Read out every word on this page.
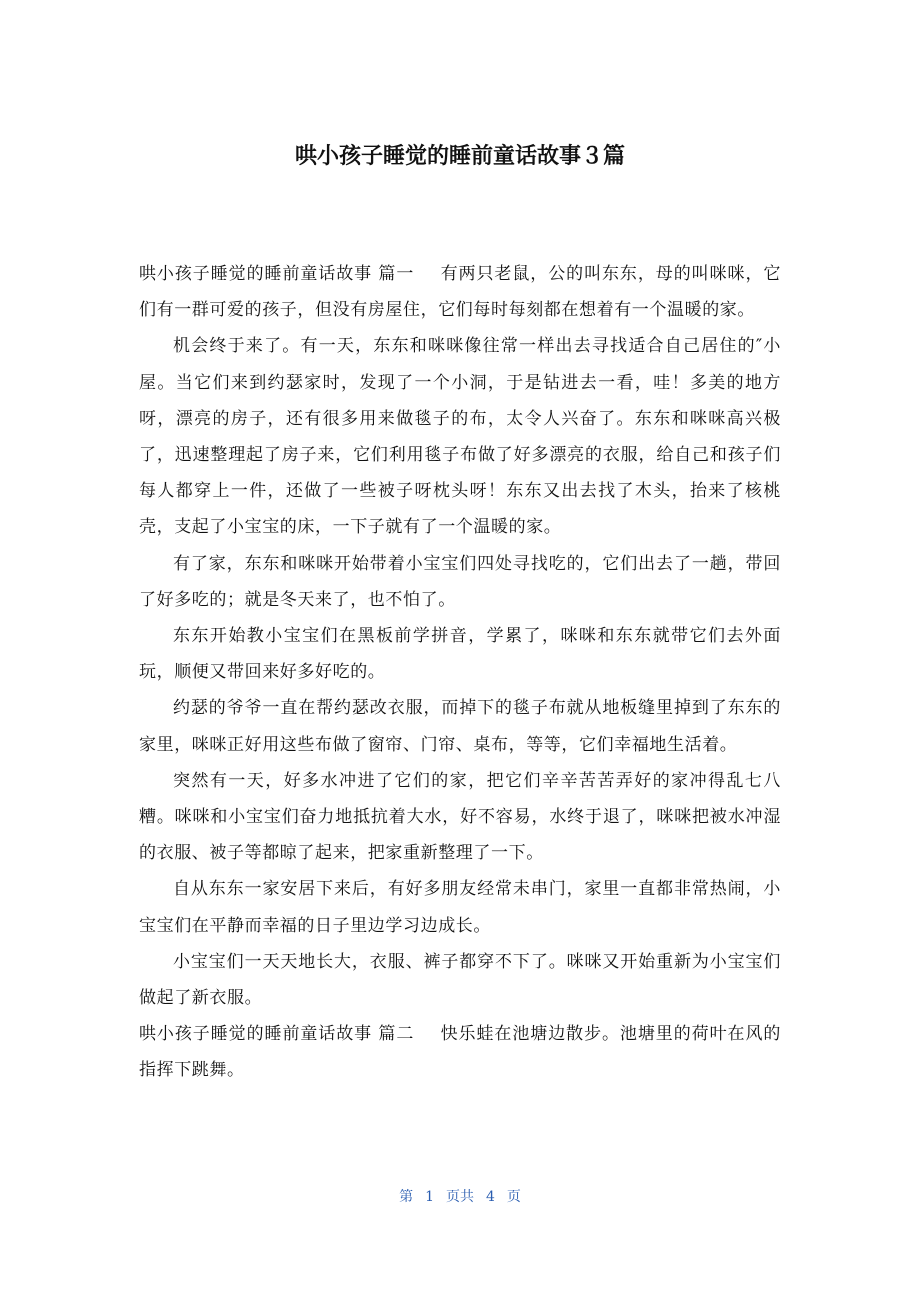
哄小孩子睡觉的睡前童话故事３篇

哄小孩子睡觉的睡前童话故事 篇一 有两只老鼠，公的叫东东，母的叫咪咪，它们有一群可爱的孩子，但没有房屋住，它们每时每刻都在想着有一个温暖的家。

机会终于来了。有一天，东东和咪咪像往常一样出去寻找适合自己居住的″小屋。当它们来到约瑟家时，发现了一个小洞，于是钻进去一看，哇！多美的地方呀，漂亮的房子，还有很多用来做毯子的布，太令人兴奋了。东东和咪咪高兴极了，迅速整理起了房子来，它们利用毯子布做了好多漂亮的衣服，给自己和孩子们每人都穿上一件，还做了一些被子呀枕头呀！东东又出去找了木头，抬来了核桃壳，支起了小宝宝的床，一下子就有了一个温暖的家。

有了家，东东和咪咪开始带着小宝宝们四处寻找吃的，它们出去了一趟，带回了好多吃的；就是冬天来了，也不怕了。

东东开始教小宝宝们在黑板前学拼音，学累了，咪咪和东东就带它们去外面玩，顺便又带回来好多好吃的。

约瑟的爷爷一直在帮约瑟改衣服，而掉下的毯子布就从地板缝里掉到了东东的家里，咪咪正好用这些布做了窗帘、门帘、桌布，等等，它们幸福地生活着。

突然有一天，好多水冲进了它们的家，把它们辛辛苦苦弄好的家冲得乱七八糟。咪咪和小宝宝们奋力地抵抗着大水，好不容易，水终于退了，咪咪把被水冲湿的衣服、被子等都晾了起来，把家重新整理了一下。

自从东东一家安居下来后，有好多朋友经常未串门，家里一直都非常热闹，小宝宝们在平静而幸福的日子里边学习边成长。

小宝宝们一天天地长大，衣服、裤子都穿不下了。咪咪又开始重新为小宝宝们做起了新衣服。

哄小孩子睡觉的睡前童话故事 篇二 快乐蛙在池塘边散步。池塘里的荷叶在风的指挥下跳舞。

第 1 页共 4 页
